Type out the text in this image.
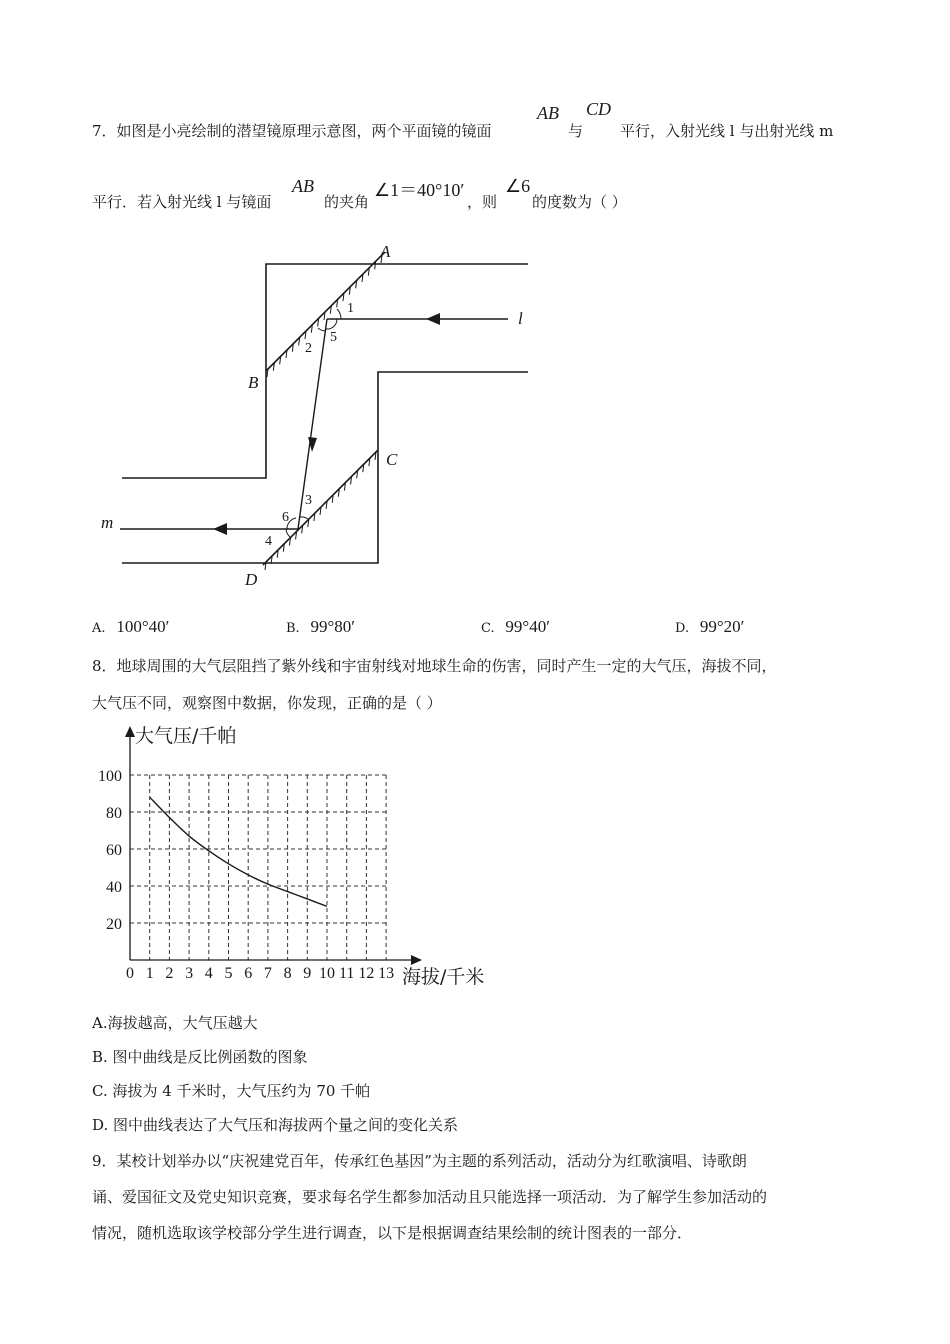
7．如图是小亮绘制的潜望镜原理示意图，两个平面镜的镜面
AB
与
CD
平行，入射光线 l 与出射光线 m
平行．若入射光线 l 与镜面
AB
的夹角
∠1＝40°10′
，则
∠6
的度数为（ ）
A
B
C
D
l
m
1
2
5
3
6
4
A. 100°40′	B. 99°80′	C. 99°40′	D. 99°20′
8．地球周围的大气层阻挡了紫外线和宇宙射线对地球生命的伤害，同时产生一定的大气压，海拔不同，
大气压不同，观察图中数据，你发现，正确的是（ ）
0 1 2 3 4 5 6 7 8 9 10 11 12 13
20
40
60
80
100
大气压/千帕
海拔/千米
A.海拔越高，大气压越大
B. 图中曲线是反比例函数的图象
C. 海拔为 4 千米时，大气压约为 70 千帕
D. 图中曲线表达了大气压和海拔两个量之间的变化关系
9．某校计划举办以“庆祝建党百年，传承红色基因”为主题的系列活动，活动分为红歌演唱、诗歌朗
诵、爱国征文及党史知识竞赛，要求每名学生都参加活动且只能选择一项活动．为了解学生参加活动的
情况，随机选取该学校部分学生进行调查，以下是根据调查结果绘制的统计图表的一部分．
